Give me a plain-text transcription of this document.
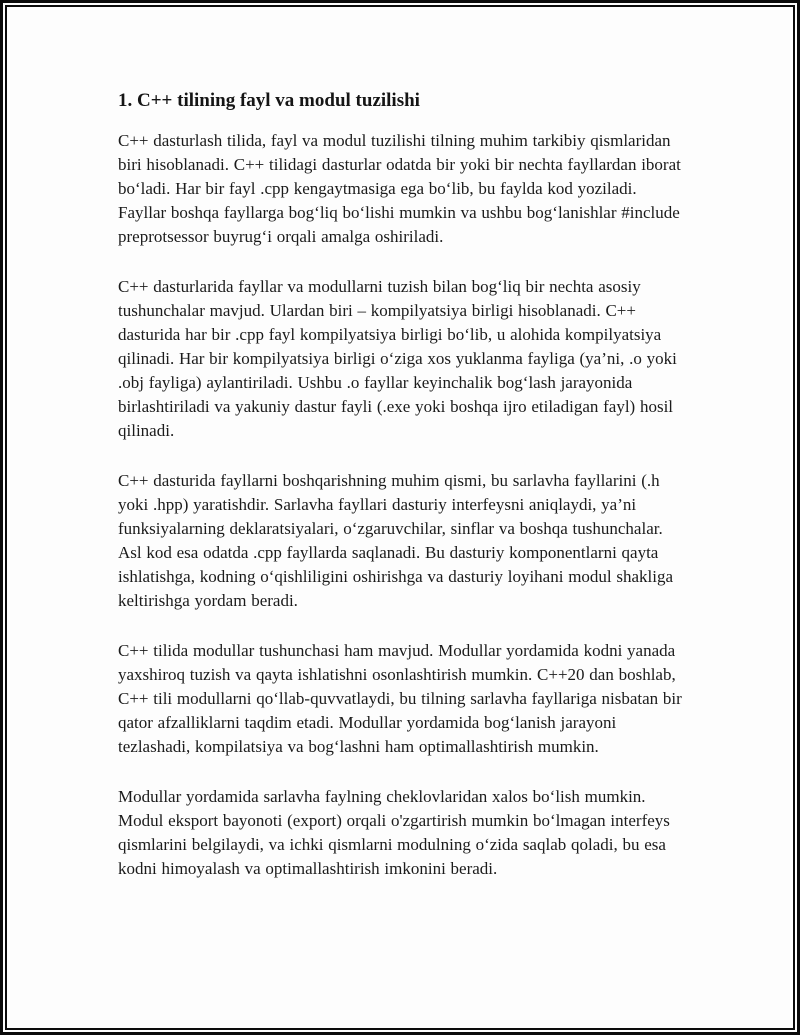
1. C++ tilining fayl va modul tuzilishi

C++ dasturlash tilida, fayl va modul tuzilishi tilning muhim tarkibiy qismlaridan biri hisoblanadi. C++ tilidagi dasturlar odatda bir yoki bir nechta fayllardan iborat bo‘ladi. Har bir fayl .cpp kengaytmasiga ega bo‘lib, bu faylda kod yoziladi. Fayllar boshqa fayllarga bog‘liq bo‘lishi mumkin va ushbu bog‘lanishlar #include preprotsessor buyrug‘i orqali amalga oshiriladi.

C++ dasturlarida fayllar va modullarni tuzish bilan bog‘liq bir nechta asosiy tushunchalar mavjud. Ulardan biri – kompilyatsiya birligi hisoblanadi. C++ dasturida har bir .cpp fayl kompilyatsiya birligi bo‘lib, u alohida kompilyatsiya qilinadi. Har bir kompilyatsiya birligi o‘ziga xos yuklanma fayliga (ya’ni, .o yoki .obj fayliga) aylantiriladi. Ushbu .o fayllar keyinchalik bog‘lash jarayonida birlashtiriladi va yakuniy dastur fayli (.exe yoki boshqa ijro etiladigan fayl) hosil qilinadi.

C++ dasturida fayllarni boshqarishning muhim qismi, bu sarlavha fayllarini (.h yoki .hpp) yaratishdir. Sarlavha fayllari dasturiy interfeysni aniqlaydi, ya’ni funksiyalarning deklaratsiyalari, o‘zgaruvchilar, sinflar va boshqa tushunchalar. Asl kod esa odatda .cpp fayllarda saqlanadi. Bu dasturiy komponentlarni qayta ishlatishga, kodning o‘qishliligini oshirishga va dasturiy loyihani modul shakliga keltirishga yordam beradi.

C++ tilida modullar tushunchasi ham mavjud. Modullar yordamida kodni yanada yaxshiroq tuzish va qayta ishlatishni osonlashtirish mumkin. C++20 dan boshlab, C++ tili modullarni qo‘llab-quvvatlaydi, bu tilning sarlavha fayllariga nisbatan bir qator afzalliklarni taqdim etadi. Modullar yordamida bog‘lanish jarayoni tezlashadi, kompilatsiya va bog‘lashni ham optimallashtirish mumkin.

Modullar yordamida sarlavha faylning cheklovlaridan xalos bo‘lish mumkin. Modul eksport bayonoti (export) orqali o'zgartirish mumkin bo‘lmagan interfeys qismlarini belgilaydi, va ichki qismlarni modulning o‘zida saqlab qoladi, bu esa kodni himoyalash va optimallashtirish imkonini beradi.
